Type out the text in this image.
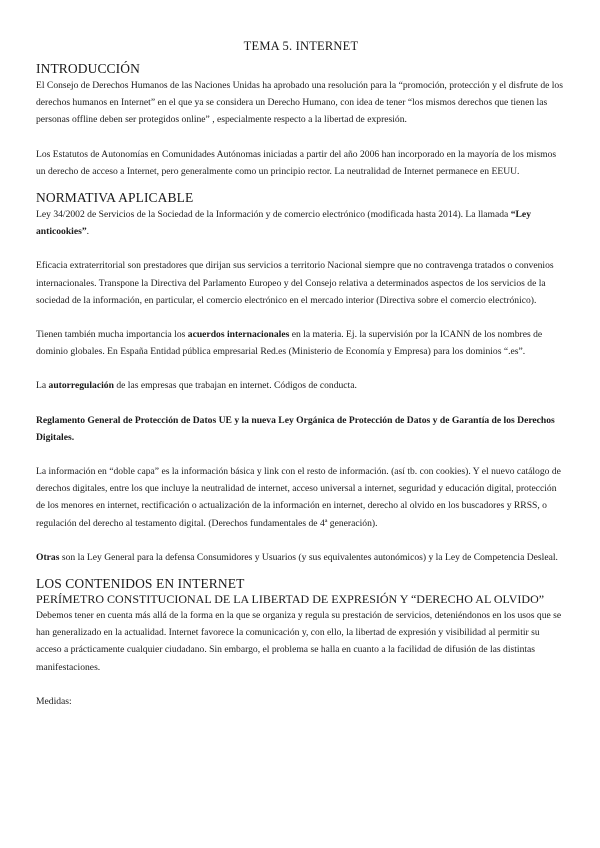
TEMA 5. INTERNET
INTRODUCCIÓN

El Consejo de Derechos Humanos de las Naciones Unidas ha aprobado una resolución para la “promoción, protección y el disfrute de los derechos humanos en Internet” en el que ya se considera un Derecho Humano, con idea de tener “los mismos derechos que tienen las personas offline deben ser protegidos online” , especialmente respecto a la libertad de expresión.

Los Estatutos de Autonomías en Comunidades Autónomas iniciadas a partir del año 2006 han incorporado en la mayoría de los mismos un derecho de acceso a Internet, pero generalmente como un principio rector. La neutralidad de Internet permanece en EEUU.

NORMATIVA APLICABLE

Ley 34/2002 de Servicios de la Sociedad de la Información y de comercio electrónico (modificada hasta 2014). La llamada “Ley anticookies”.

Eficacia extraterritorial son prestadores que dirijan sus servicios a territorio Nacional siempre que no contravenga tratados o convenios internacionales. Transpone la Directiva del Parlamento Europeo y del Consejo relativa a determinados aspectos de los servicios de la sociedad de la información, en particular, el comercio electrónico en el mercado interior (Directiva sobre el comercio electrónico).

Tienen también mucha importancia los acuerdos internacionales en la materia. Ej. la supervisión por la ICANN de los nombres de dominio globales. En España Entidad pública empresarial Red.es (Ministerio de Economía y Empresa) para los dominios “.es”.

La autorregulación de las empresas que trabajan en internet. Códigos de conducta.

Reglamento General de Protección de Datos UE y la nueva Ley Orgánica de Protección de Datos y de Garantía de los Derechos Digitales.

La información en “doble capa” es la información básica y link con el resto de información. (así tb. con cookies). Y el nuevo catálogo de derechos digitales, entre los que incluye la neutralidad de internet, acceso universal a internet, seguridad y educación digital, protección de los menores en internet, rectificación o actualización de la información en internet, derecho al olvido en los buscadores y RRSS, o regulación del derecho al testamento digital. (Derechos fundamentales de 4ª generación).

Otras son la Ley General para la defensa Consumidores y Usuarios (y sus equivalentes autonómicos) y la Ley de Competencia Desleal.

LOS CONTENIDOS EN INTERNET
PERÍMETRO CONSTITUCIONAL DE LA LIBERTAD DE EXPRESIÓN Y “DERECHO AL OLVIDO”

Debemos tener en cuenta más allá de la forma en la que se organiza y regula su prestación de servicios, deteniéndonos en los usos que se han generalizado en la actualidad. Internet favorece la comunicación y, con ello, la libertad de expresión y visibilidad al permitir su acceso a prácticamente cualquier ciudadano. Sin embargo, el problema se halla en cuanto a la facilidad de difusión de las distintas manifestaciones.

Medidas:
